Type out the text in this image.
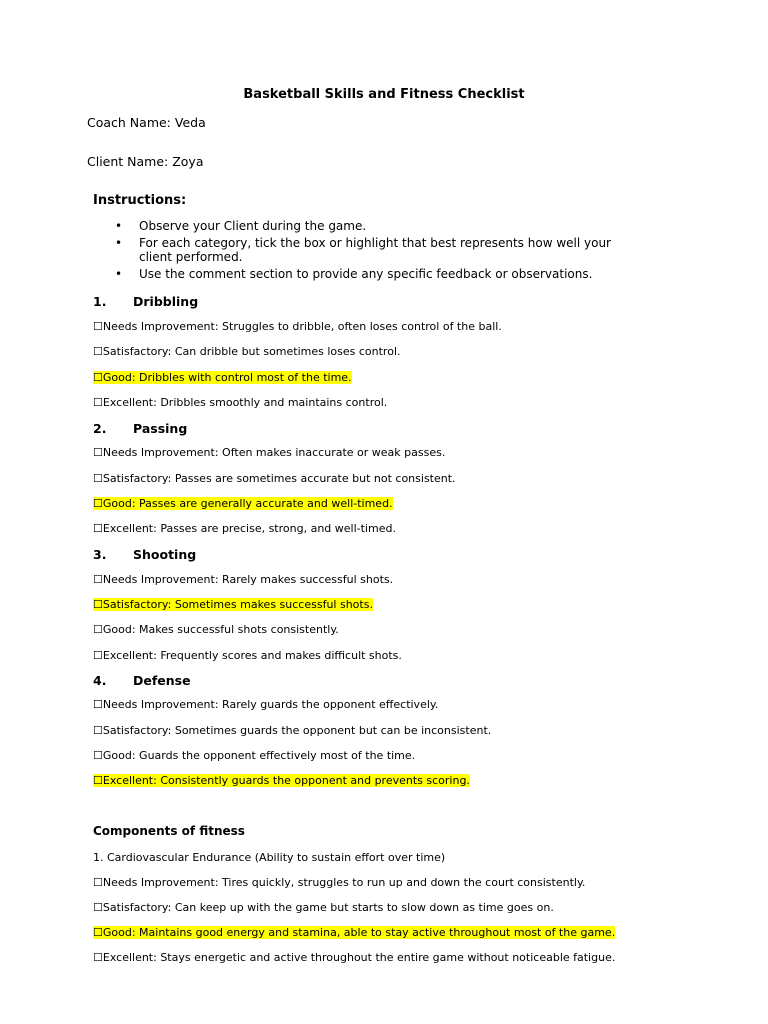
Basketball Skills and Fitness Checklist
Coach Name: Veda
Client Name: Zoya
Instructions:
• Observe your Client during the game.
• For each category, tick the box or highlight that best represents how well your client performed.
• Use the comment section to provide any specific feedback or observations.
1. Dribbling
☐Needs Improvement: Struggles to dribble, often loses control of the ball.
☐Satisfactory: Can dribble but sometimes loses control.
☐Good: Dribbles with control most of the time.
☐Excellent: Dribbles smoothly and maintains control.
2. Passing
☐Needs Improvement: Often makes inaccurate or weak passes.
☐Satisfactory: Passes are sometimes accurate but not consistent.
☐Good: Passes are generally accurate and well-timed.
☐Excellent: Passes are precise, strong, and well-timed.
3. Shooting
☐Needs Improvement: Rarely makes successful shots.
☐Satisfactory: Sometimes makes successful shots.
☐Good: Makes successful shots consistently.
☐Excellent: Frequently scores and makes difficult shots.
4. Defense
☐Needs Improvement: Rarely guards the opponent effectively.
☐Satisfactory: Sometimes guards the opponent but can be inconsistent.
☐Good: Guards the opponent effectively most of the time.
☐Excellent: Consistently guards the opponent and prevents scoring.
Components of fitness
1. Cardiovascular Endurance (Ability to sustain effort over time)
☐Needs Improvement: Tires quickly, struggles to run up and down the court consistently.
☐Satisfactory: Can keep up with the game but starts to slow down as time goes on.
☐Good: Maintains good energy and stamina, able to stay active throughout most of the game.
☐Excellent: Stays energetic and active throughout the entire game without noticeable fatigue.
